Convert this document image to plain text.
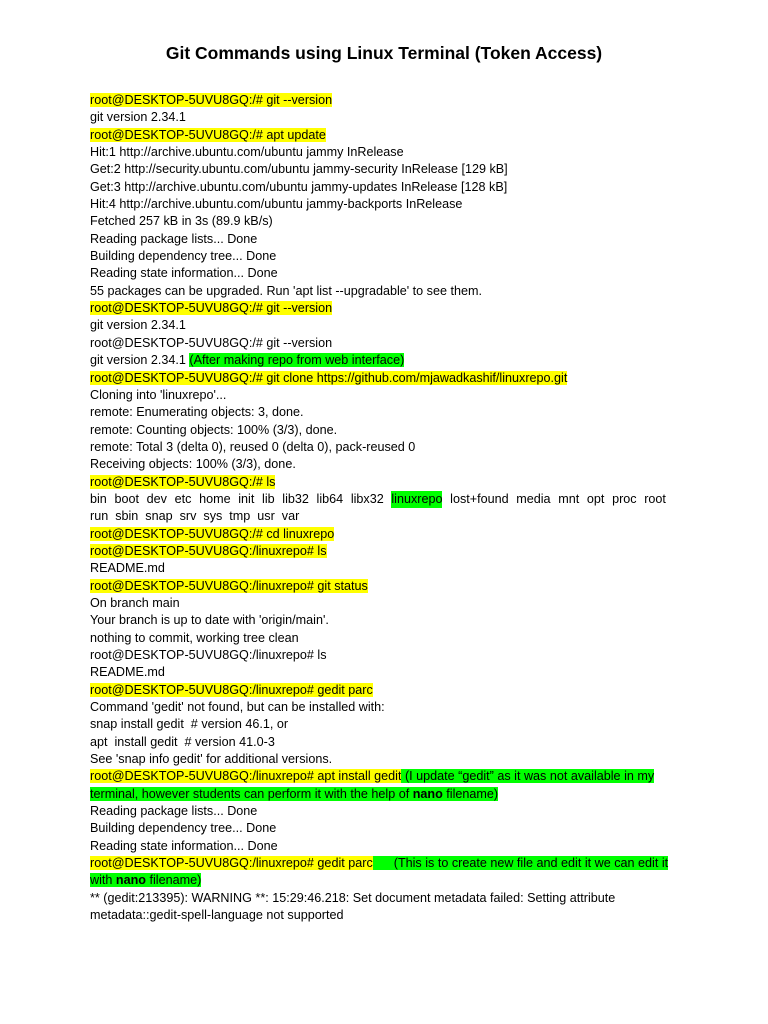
Git Commands using Linux Terminal (Token Access)
root@DESKTOP-5UVU8GQ:/# git --version
git version 2.34.1
root@DESKTOP-5UVU8GQ:/# apt update
Hit:1 http://archive.ubuntu.com/ubuntu jammy InRelease
Get:2 http://security.ubuntu.com/ubuntu jammy-security InRelease [129 kB]
Get:3 http://archive.ubuntu.com/ubuntu jammy-updates InRelease [128 kB]
Hit:4 http://archive.ubuntu.com/ubuntu jammy-backports InRelease
Fetched 257 kB in 3s (89.9 kB/s)
Reading package lists... Done
Building dependency tree... Done
Reading state information... Done
55 packages can be upgraded. Run 'apt list --upgradable' to see them.
root@DESKTOP-5UVU8GQ:/# git --version
git version 2.34.1
root@DESKTOP-5UVU8GQ:/# git --version
git version 2.34.1 (After making repo from web interface)
root@DESKTOP-5UVU8GQ:/# git clone https://github.com/mjawadkashif/linuxrepo.git
Cloning into 'linuxrepo'...
remote: Enumerating objects: 3, done.
remote: Counting objects: 100% (3/3), done.
remote: Total 3 (delta 0), reused 0 (delta 0), pack-reused 0
Receiving objects: 100% (3/3), done.
root@DESKTOP-5UVU8GQ:/# ls
bin boot dev etc home init lib lib32 lib64 libx32 linuxrepo lost+found media mnt opt proc root
run  sbin  snap  srv  sys  tmp  usr  var
root@DESKTOP-5UVU8GQ:/# cd linuxrepo
root@DESKTOP-5UVU8GQ:/linuxrepo# ls
README.md
root@DESKTOP-5UVU8GQ:/linuxrepo# git status
On branch main
Your branch is up to date with 'origin/main'.
nothing to commit, working tree clean
root@DESKTOP-5UVU8GQ:/linuxrepo# ls
README.md
root@DESKTOP-5UVU8GQ:/linuxrepo# gedit parc
Command 'gedit' not found, but can be installed with:
snap install gedit  # version 46.1, or
apt  install gedit  # version 41.0-3
See 'snap info gedit' for additional versions.
root@DESKTOP-5UVU8GQ:/linuxrepo# apt install gedit (I update “gedit” as it was not available in my
terminal, however students can perform it with the help of nano filename)
Reading package lists... Done
Building dependency tree... Done
Reading state information... Done
root@DESKTOP-5UVU8GQ:/linuxrepo# gedit parc      (This is to create new file and edit it we can edit it
with nano filename)
** (gedit:213395): WARNING **: 15:29:46.218: Set document metadata failed: Setting attribute
metadata::gedit-spell-language not supported
